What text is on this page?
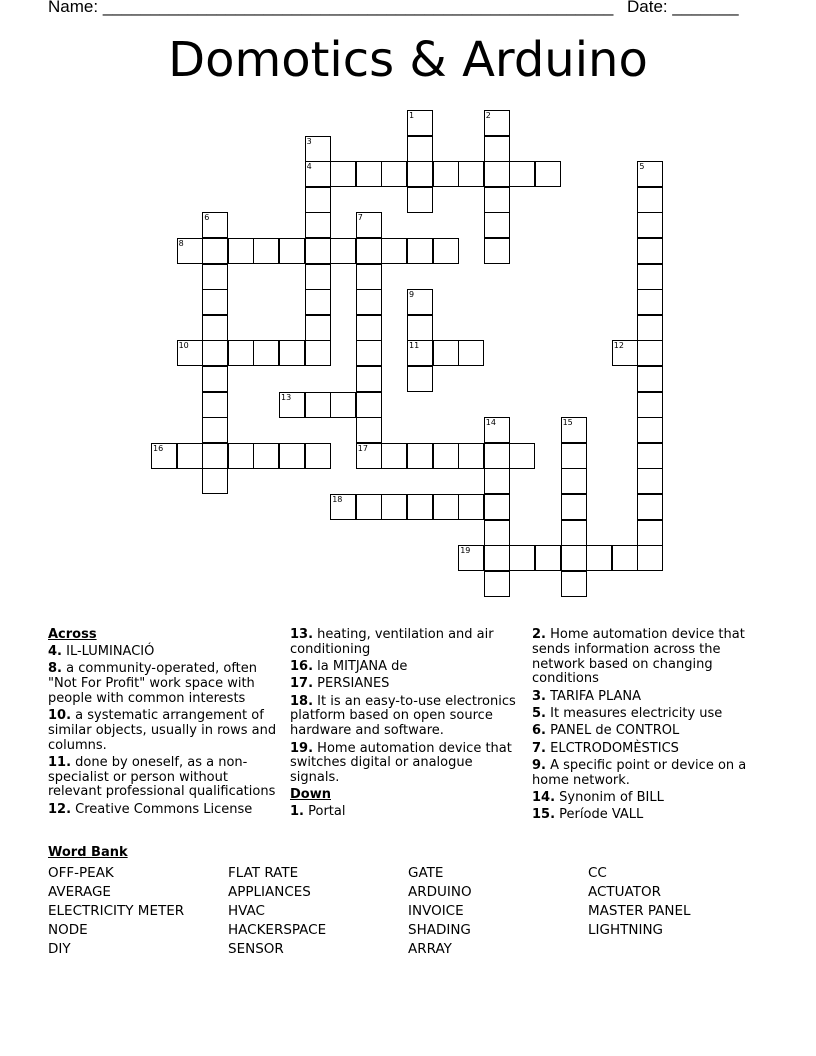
Name: ______________________________________________________ Date: _______
Domotics & Arduino
1	2
3
4	5
6	7
17
8
9
11
10	12
13
14	15
16
18
19
Across
4. IL-LUMINACIÓ
8. a community-operated, often "Not For Profit" work space with people with common interests
10. a systematic arrangement of similar objects, usually in rows and columns.
11. done by oneself, as a non-specialist or person without relevant professional qualifications
12. Creative Commons License
13. heating, ventilation and air conditioning
16. la MITJANA de
17. PERSIANES
18. It is an easy-to-use electronics platform based on open source hardware and software.
19. Home automation device that switches digital or analogue signals.
Down
1. Portal
2. Home automation device that sends information across the network based on changing conditions
3. TARIFA PLANA
5. It measures electricity use
6. PANEL de CONTROL
7. ELCTRODOMÈSTICS
9. A specific point or device on a home network.
14. Synonim of BILL
15. Període VALL
Word Bank
OFF-PEAK
AVERAGE
ELECTRICITY METER
NODE
DIY
FLAT RATE
APPLIANCES
HVAC
HACKERSPACE
SENSOR
GATE
ARDUINO
INVOICE
SHADING
ARRAY
CC
ACTUATOR
MASTER PANEL
LIGHTNING
